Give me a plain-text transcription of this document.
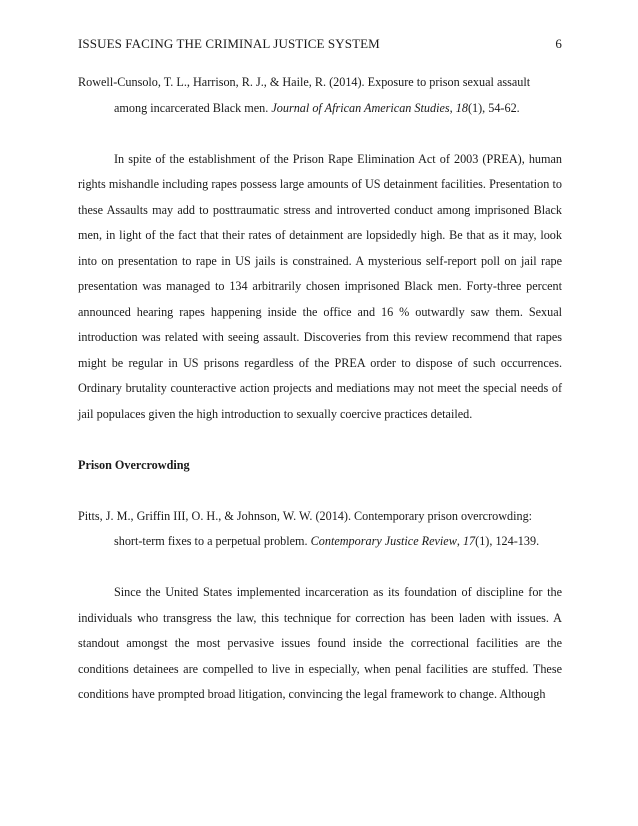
ISSUES FACING THE CRIMINAL JUSTICE SYSTEM	6
Rowell-Cunsolo, T. L., Harrison, R. J., & Haile, R. (2014). Exposure to prison sexual assault
among incarcerated Black men. Journal of African American Studies, 18(1), 54-62.

In spite of the establishment of the Prison Rape Elimination Act of 2003 (PREA), human rights mishandle including rapes possess large amounts of US detainment facilities. Presentation to these Assaults may add to posttraumatic stress and introverted conduct among imprisoned Black men, in light of the fact that their rates of detainment are lopsidedly high. Be that as it may, look into on presentation to rape in US jails is constrained. A mysterious self-report poll on jail rape presentation was managed to 134 arbitrarily chosen imprisoned Black men. Forty-three percent announced hearing rapes happening inside the office and 16 % outwardly saw them. Sexual introduction was related with seeing assault. Discoveries from this review recommend that rapes might be regular in US prisons regardless of the PREA order to dispose of such occurrences. Ordinary brutality counteractive action projects and mediations may not meet the special needs of jail populaces given the high introduction to sexually coercive practices detailed.

Prison Overcrowding

Pitts, J. M., Griffin III, O. H., & Johnson, W. W. (2014). Contemporary prison overcrowding:
short-term fixes to a perpetual problem. Contemporary Justice Review, 17(1), 124-139.

Since the United States implemented incarceration as its foundation of discipline for the individuals who transgress the law, this technique for correction has been laden with issues. A standout amongst the most pervasive issues found inside the correctional facilities are the conditions detainees are compelled to live in especially, when penal facilities are stuffed. These conditions have prompted broad litigation, convincing the legal framework to change. Although
